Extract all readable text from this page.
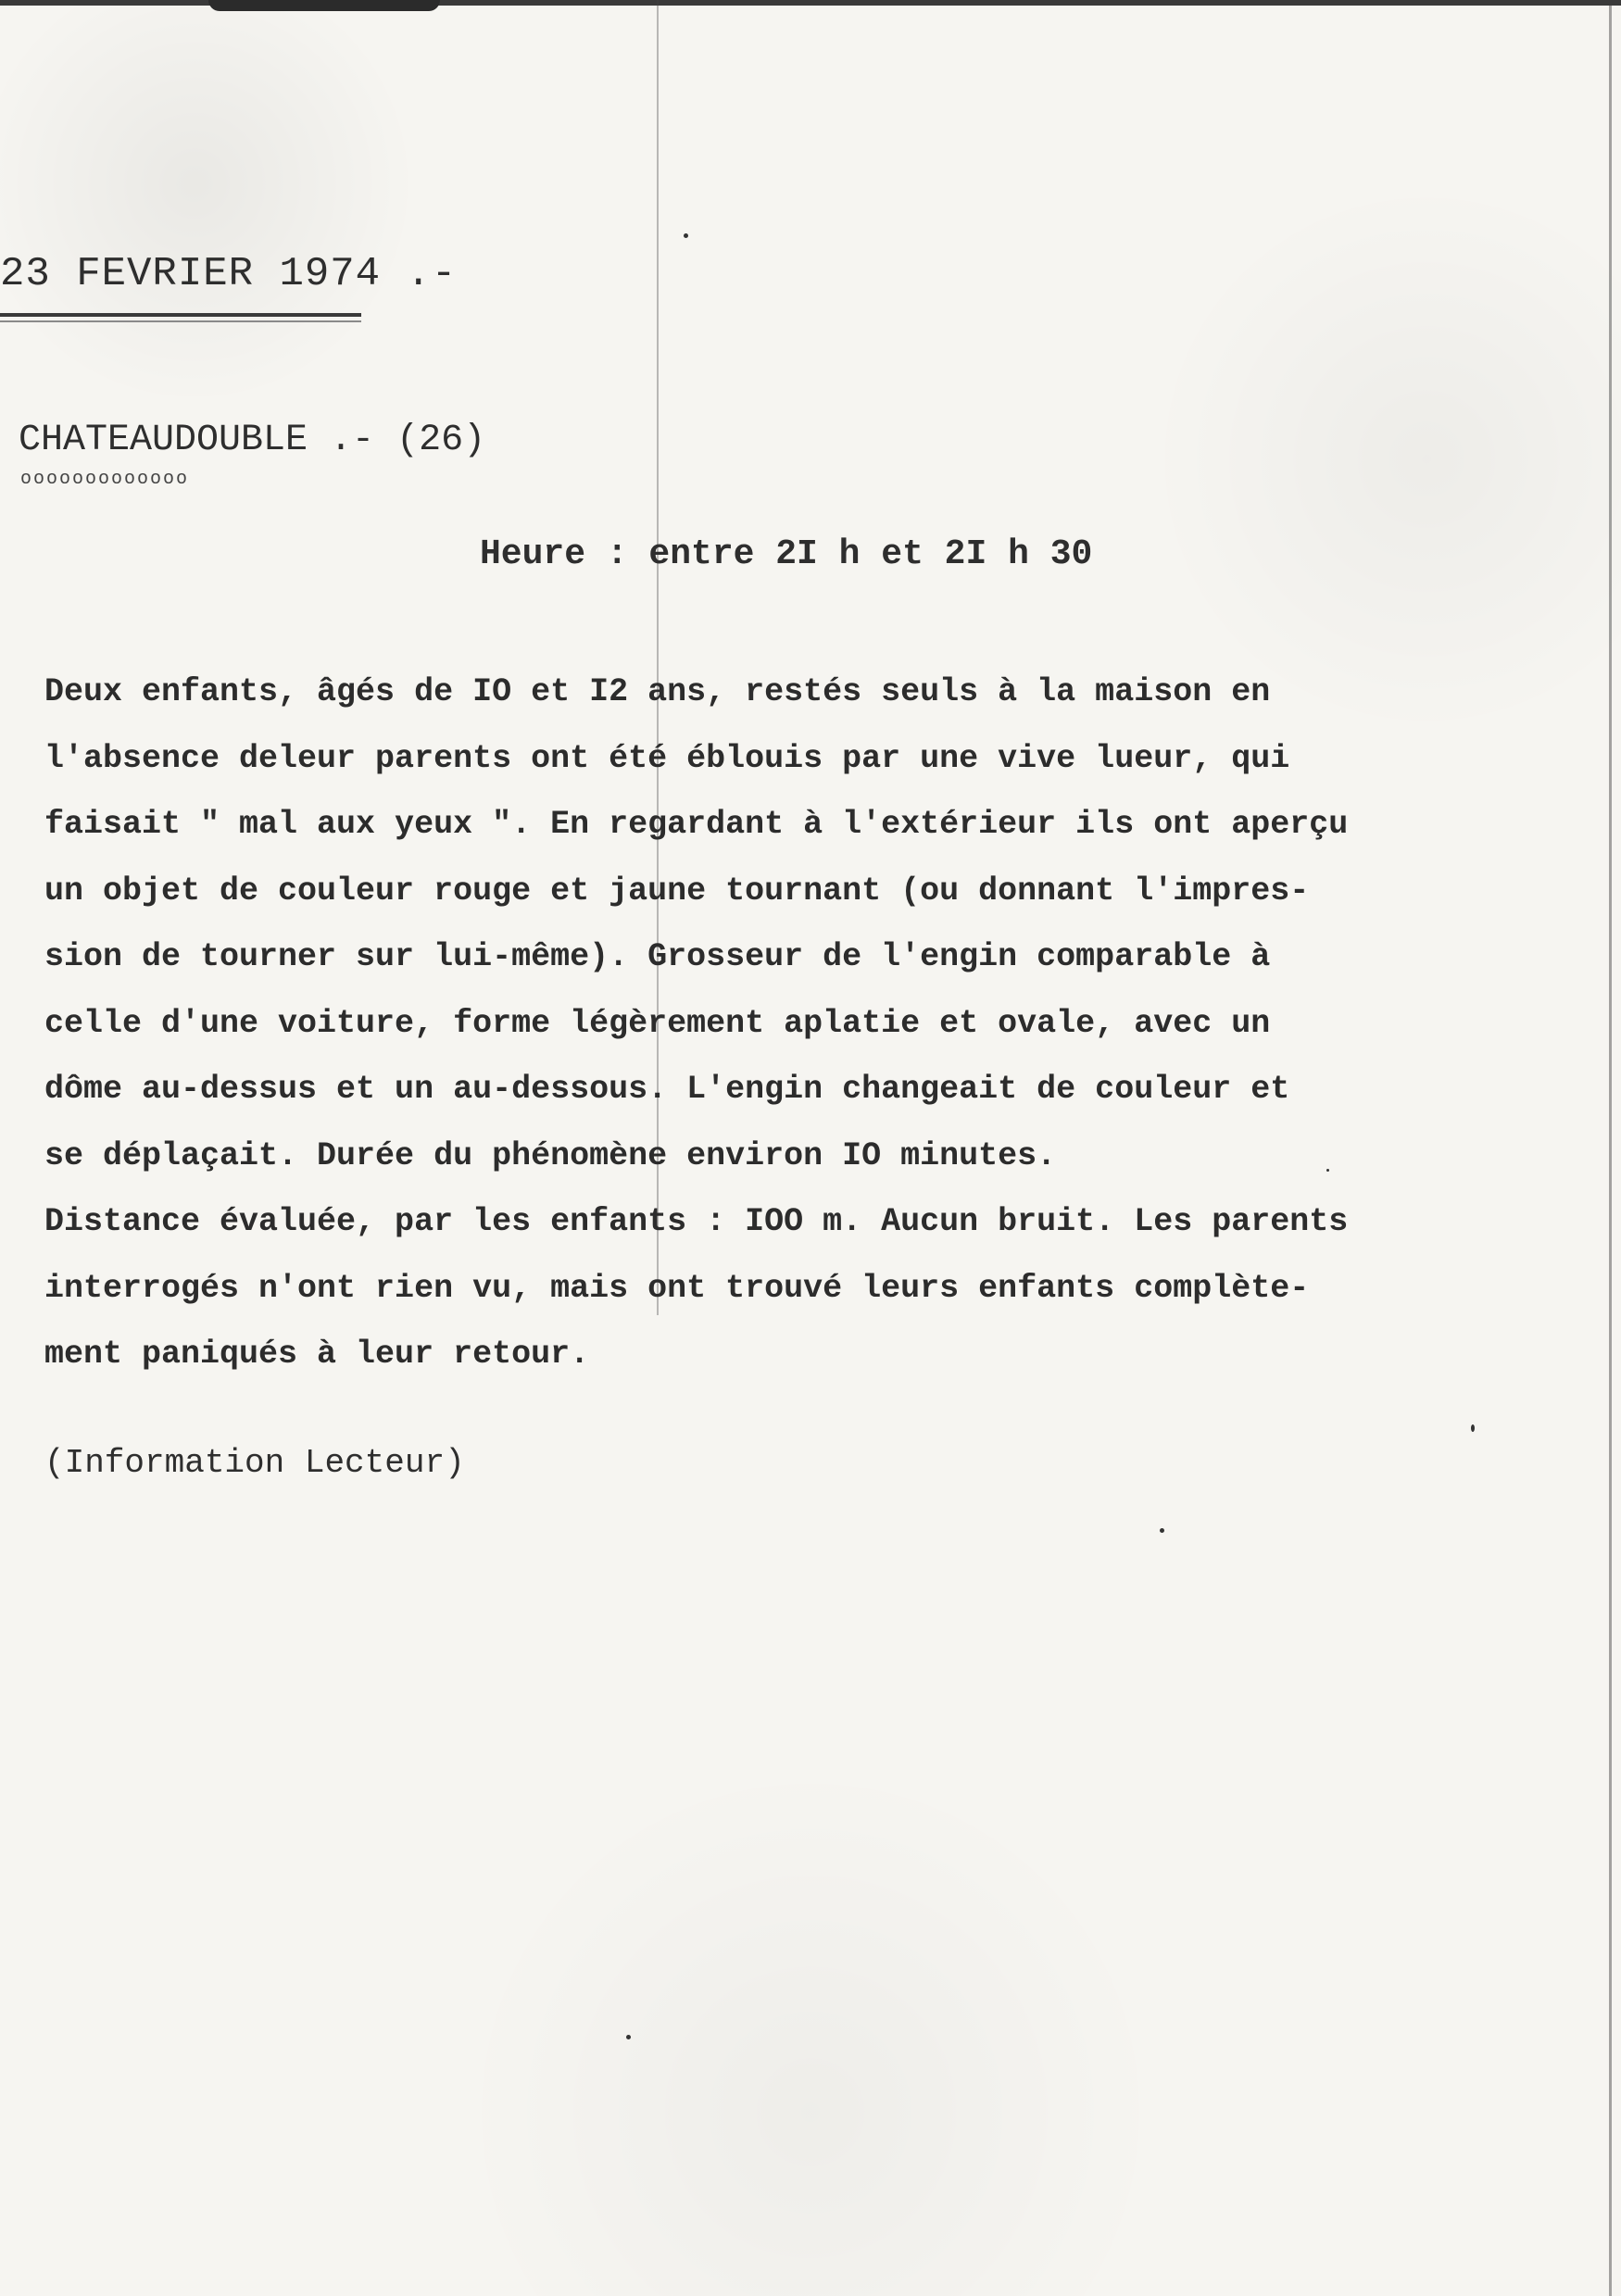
23 FEVRIER 1974 .-
CHATEAUDOUBLE .- (26)
ooooooooooooo
Heure : entre 2I h et 2I h 30
Deux enfants, âgés de IO et I2 ans, restés seuls à la maison en
l'absence deleur parents ont été éblouis par une vive lueur, qui
faisait " mal aux yeux ". En regardant à l'extérieur ils ont aperçu
un objet de couleur rouge et jaune tournant (ou donnant l'impres-
sion de tourner sur lui-même). Grosseur de l'engin comparable à
celle d'une voiture, forme légèrement aplatie et ovale, avec un
dôme au-dessus et un au-dessous. L'engin changeait de couleur et
se déplaçait. Durée du phénomène environ IO minutes.
Distance évaluée, par les enfants : IOO m. Aucun bruit. Les parents
interrogés n'ont rien vu, mais ont trouvé leurs enfants complète-
ment paniqués à leur retour.
(Information Lecteur)
